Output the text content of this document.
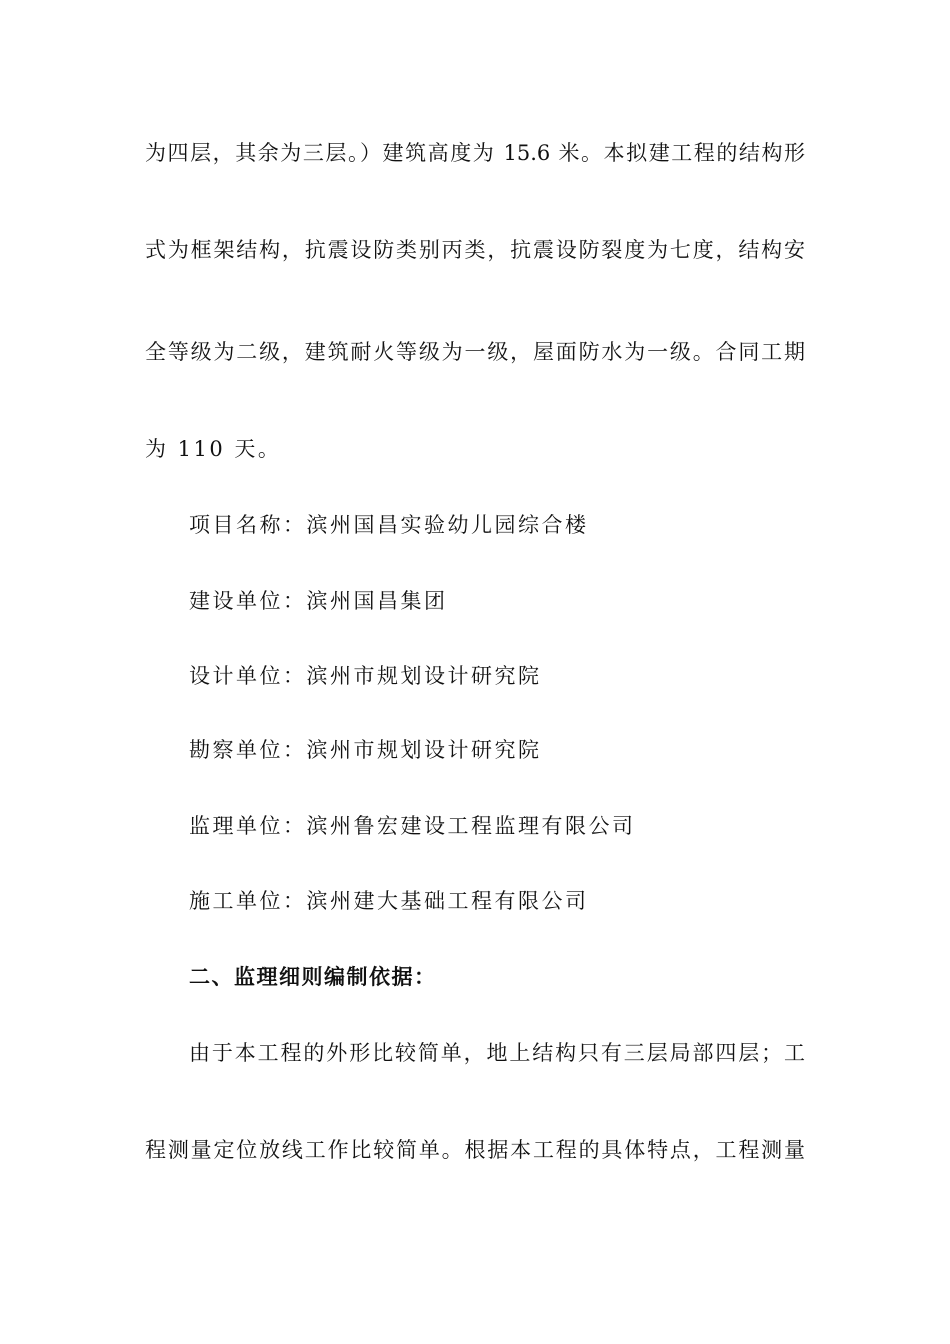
为四层，其余为三层。）建筑高度为 15.6 米。本拟建工程的结构形
式为框架结构，抗震设防类别丙类，抗震设防裂度为七度，结构安
全等级为二级，建筑耐火等级为一级，屋面防水为一级。合同工期
为 110 天。
项目名称：滨州国昌实验幼儿园综合楼
建设单位：滨州国昌集团
设计单位：滨州市规划设计研究院
勘察单位：滨州市规划设计研究院
监理单位：滨州鲁宏建设工程监理有限公司
施工单位：滨州建大基础工程有限公司
二、监理细则编制依据：
由于本工程的外形比较简单，地上结构只有三层局部四层；工
程测量定位放线工作比较简单。根据本工程的具体特点，工程测量
